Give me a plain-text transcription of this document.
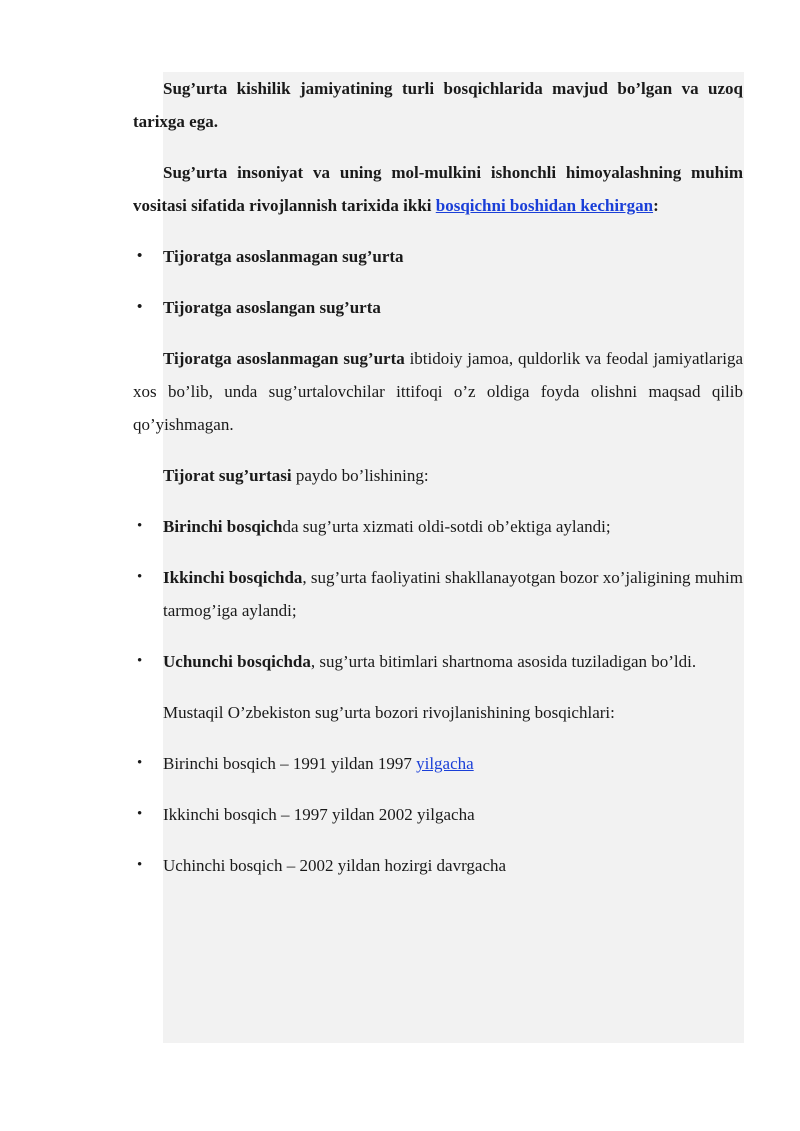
Sug’urta kishilik jamiyatining turli bosqichlarida mavjud bo’lgan va uzoq tarixga ega.

Sug’urta insoniyat va uning mol-mulkini ishonchli himoyalashning muhim vositasi sifatida rivojlannish tarixida ikki bosqichni boshidan kechirgan:

• Tijoratga asoslanmagan sug’urta
• Tijoratga asoslangan sug’urta

Tijoratga asoslanmagan sug’urta ibtidoiy jamoa, quldorlik va feodal jamiyatlariga xos bo’lib, unda sug’urtalovchilar ittifoqi o’z oldiga foyda olishni maqsad qilib qo’yishmagan.

Tijorat sug’urtasi paydo bo’lishining:

• Birinchi bosqichda sug’urta xizmati oldi-sotdi ob’ektiga aylandi;
• Ikkinchi bosqichda, sug’urta faoliyatini shakllanayotgan bozor xo’jaligining muhim tarmog’iga aylandi;
• Uchunchi bosqichda, sug’urta bitimlari shartnoma asosida tuziladigan bo’ldi.

Mustaqil O’zbekiston sug’urta bozori rivojlanishining bosqichlari:

• Birinchi bosqich – 1991 yildan 1997 yilgacha
• Ikkinchi bosqich – 1997 yildan 2002 yilgacha
• Uchinchi bosqich – 2002 yildan hozirgi davrgacha
